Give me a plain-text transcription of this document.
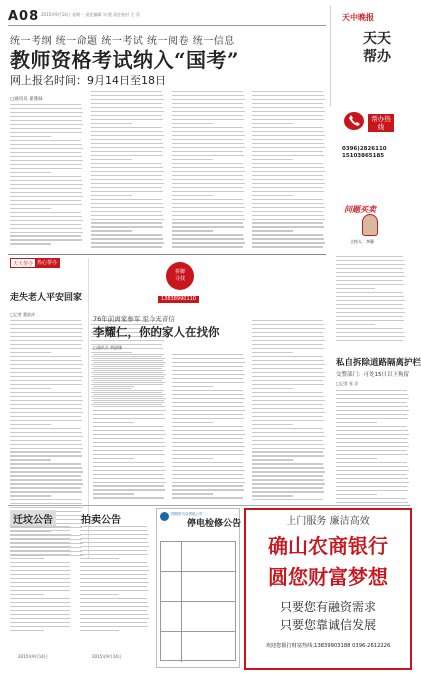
A08 2015年9月14日 星期一 责任编辑 刘 霞 责任校对 王 萍	天中晚报
天天帮办
统一考纲 统一命题 统一考试 统一阅卷 统一信息
教师资格考试纳入“国考”
网上报名时间：9月14日至18日
□通讯员 翟燕妹
帮办热线
0396)2826110
15103865185
问题买卖
主持人：李静
天天帮办 热心帮办
走失老人平安回家
□记者 董滨祥
拼脚
寻找
13838990110
76年前离家参军 至今无音信
李耀仁，你的家人在找你
□通讯员 黄淑臻
私自拆除道路隔离护栏
交警部门：可处15日以下拘留
□记者 张 洋
迁坟公告
2015年9月14日
拍卖公告
2015年9月14日
国网驻马店供电公司
停电检修公告	上门服务 廉洁高效
确山农商银行
圆您财富梦想
只要您有融资需求
只要您靠诚信发展
欢迎您拨打财富热线:13839903188 0396-2612226
